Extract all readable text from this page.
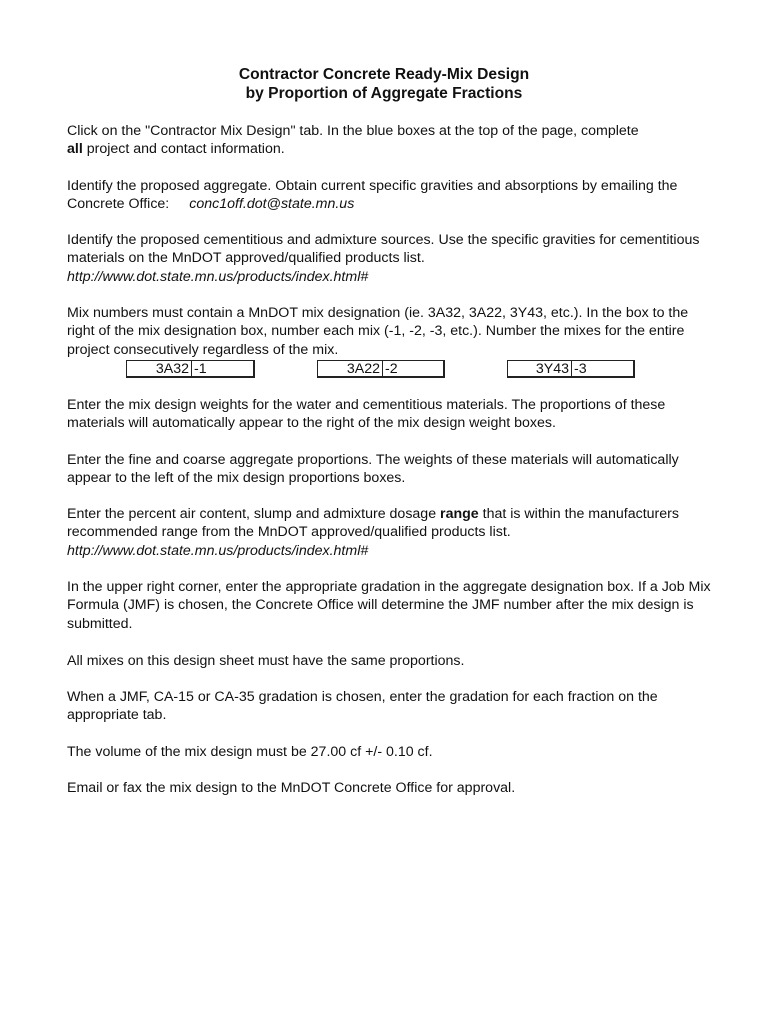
Contractor Concrete Ready-Mix Design
by Proportion of Aggregate Fractions

Click on the "Contractor Mix Design" tab. In the blue boxes at the top of the page, complete
all project and contact information.

Identify the proposed aggregate. Obtain current specific gravities and absorptions by emailing the Concrete Office: conc1off.dot@state.mn.us

Identify the proposed cementitious and admixture sources. Use the specific gravities for cementitious materials on the MnDOT approved/qualified products list.
http://www.dot.state.mn.us/products/index.html#

Mix numbers must contain a MnDOT mix designation (ie. 3A32, 3A22, 3Y43, etc.). In the box to the right of the mix designation box, number each mix (-1, -2, -3, etc.). Number the mixes for the entire project consecutively regardless of the mix.

3A32 -1	3A22 -2	3Y43 -3

Enter the mix design weights for the water and cementitious materials. The proportions of these materials will automatically appear to the right of the mix design weight boxes.

Enter the fine and coarse aggregate proportions. The weights of these materials will automatically appear to the left of the mix design proportions boxes.

Enter the percent air content, slump and admixture dosage range that is within the manufacturers recommended range from the MnDOT approved/qualified products list.
http://www.dot.state.mn.us/products/index.html#

In the upper right corner, enter the appropriate gradation in the aggregate designation box. If a Job Mix Formula (JMF) is chosen, the Concrete Office will determine the JMF number after the mix design is submitted.

All mixes on this design sheet must have the same proportions.

When a JMF, CA-15 or CA-35 gradation is chosen, enter the gradation for each fraction on the appropriate tab.

The volume of the mix design must be 27.00 cf +/- 0.10 cf.

Email or fax the mix design to the MnDOT Concrete Office for approval.
